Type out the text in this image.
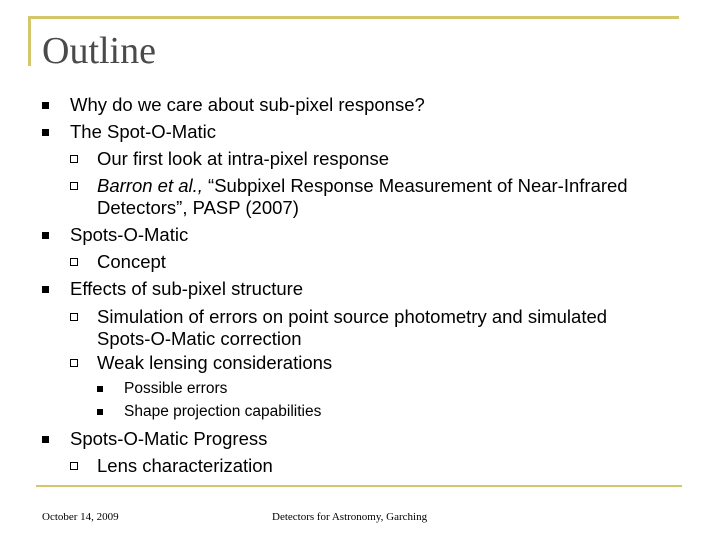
Outline
Why do we care about sub-pixel response?
The Spot-O-Matic
Our first look at intra-pixel response
Barron et al., “Subpixel Response Measurement of Near-Infrared
Detectors”, PASP (2007)
Spots-O-Matic
Concept
Effects of sub-pixel structure
Simulation of errors on point source photometry and simulated
Spots-O-Matic correction
Weak lensing considerations
Possible errors
Shape projection capabilities
Spots-O-Matic Progress
Lens characterization
October 14, 2009	Detectors for Astronomy, Garching
